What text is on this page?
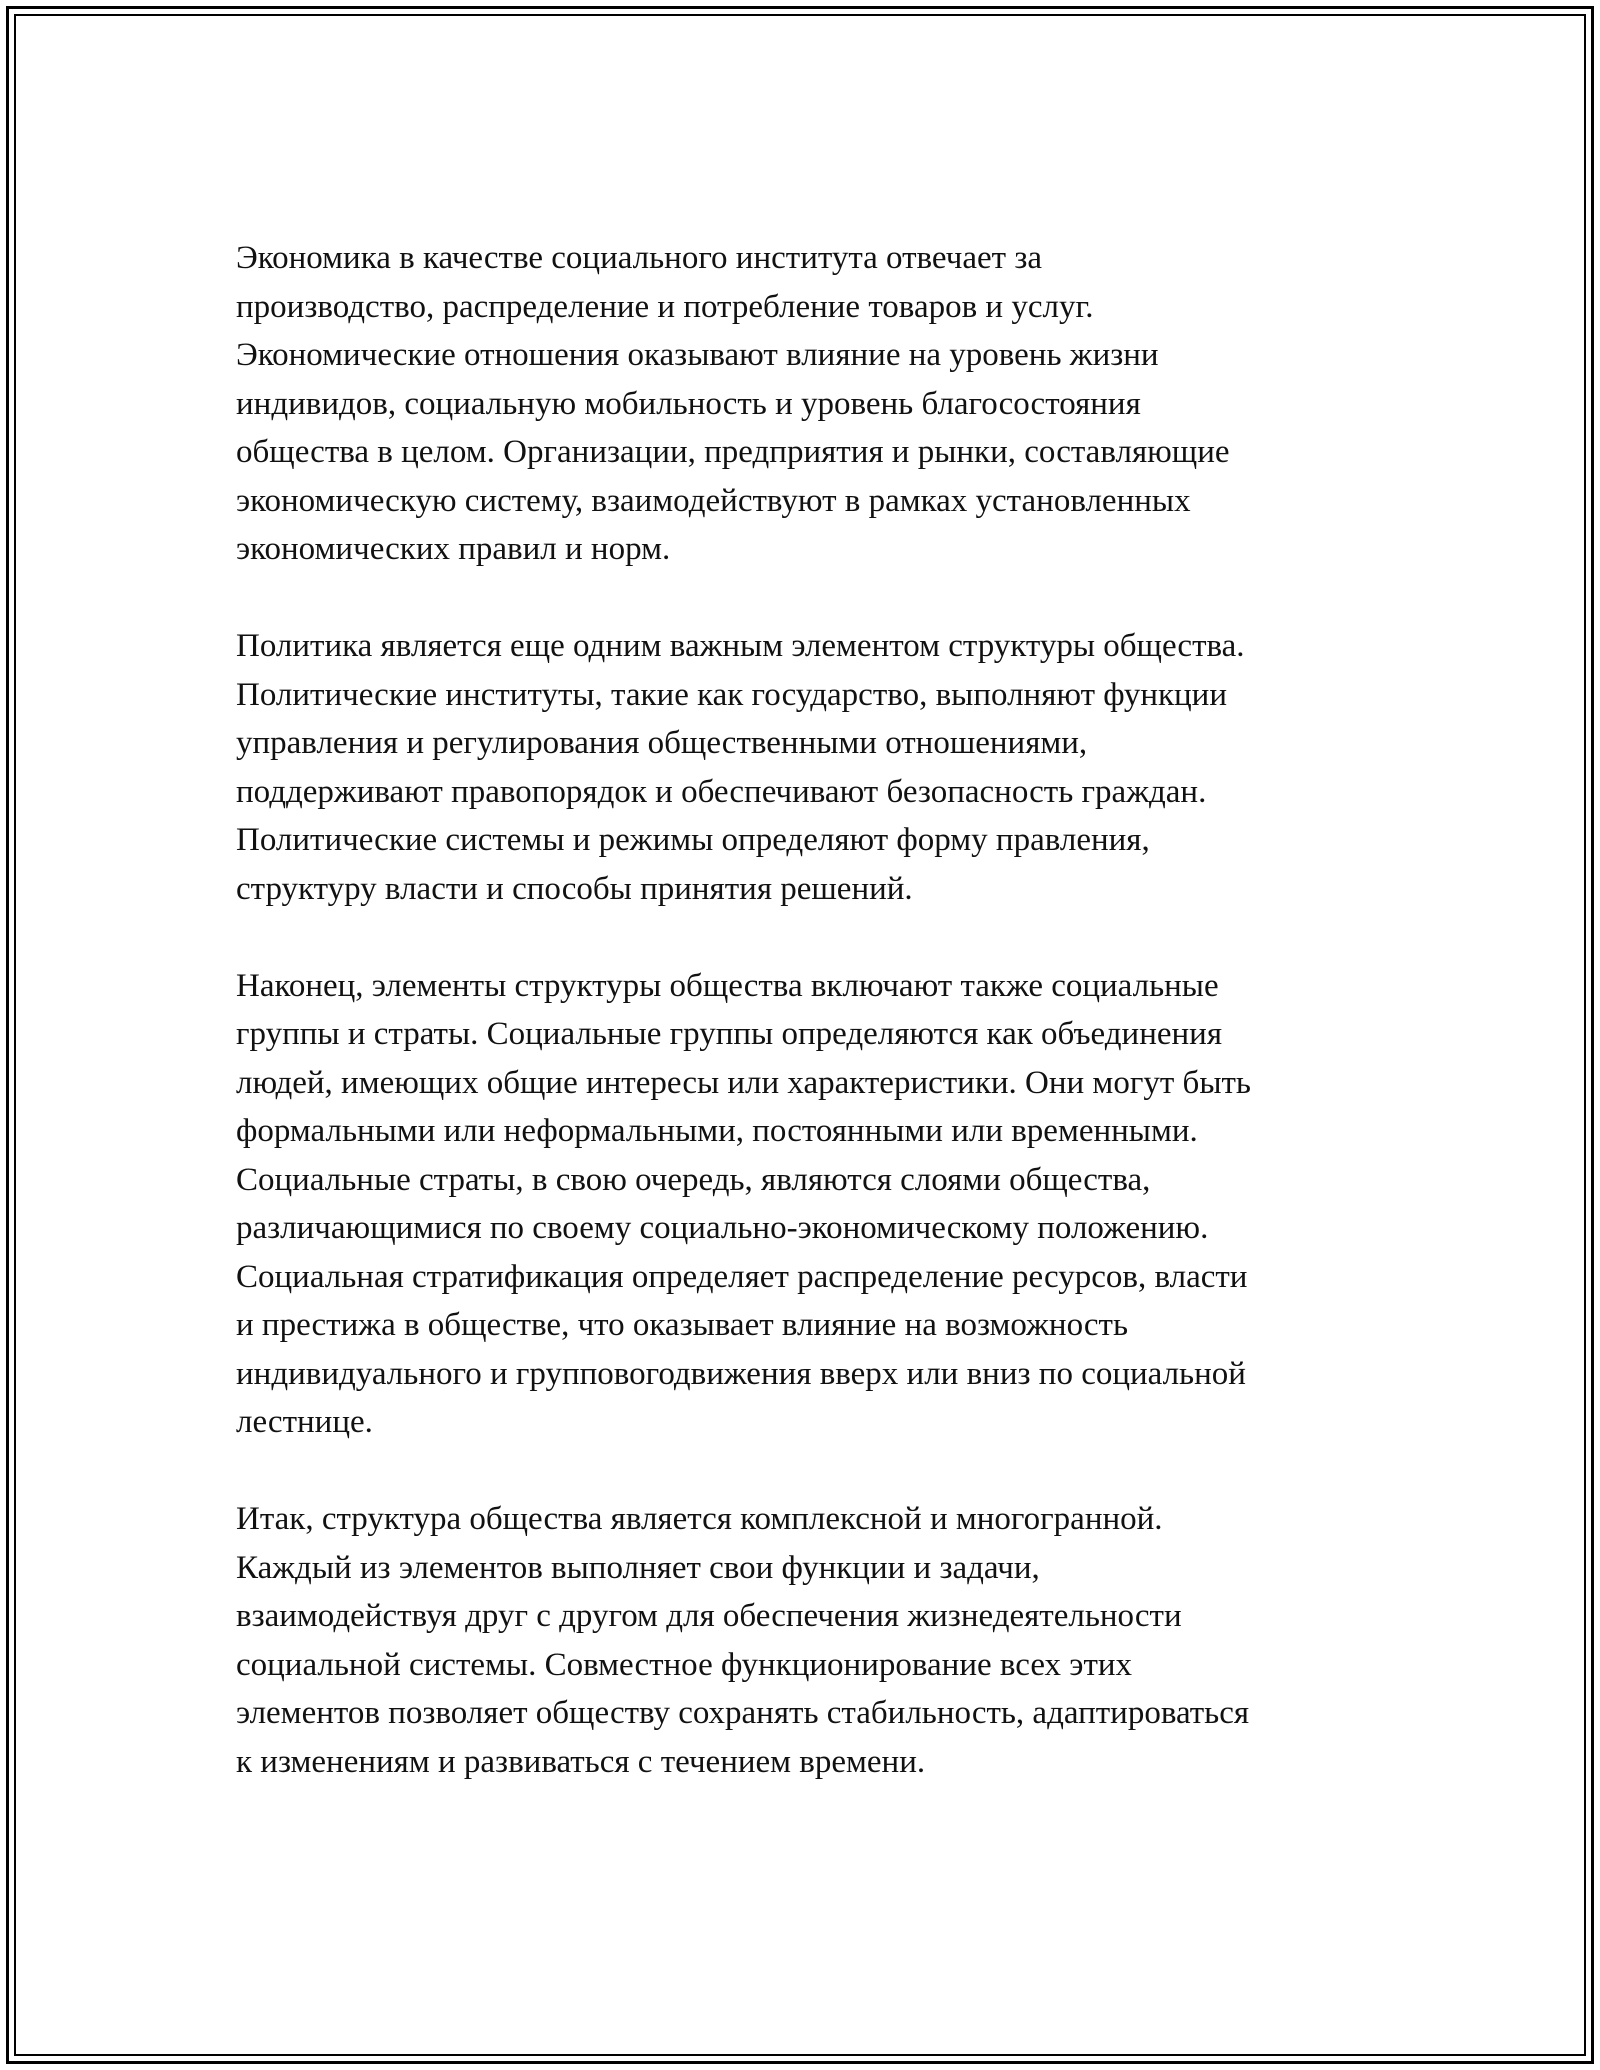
Экономика в качестве социального института отвечает за
производство, распределение и потребление товаров и услуг.
Экономические отношения оказывают влияние на уровень жизни
индивидов, социальную мобильность и уровень благосостояния
общества в целом. Организации, предприятия и рынки, составляющие
экономическую систему, взаимодействуют в рамках установленных
экономических правил и норм.
Политика является еще одним важным элементом структуры общества.
Политические институты, такие как государство, выполняют функции
управления и регулирования общественными отношениями,
поддерживают правопорядок и обеспечивают безопасность граждан.
Политические системы и режимы определяют форму правления,
структуру власти и способы принятия решений.
Наконец, элементы структуры общества включают также социальные
группы и страты. Социальные группы определяются как объединения
людей, имеющих общие интересы или характеристики. Они могут быть
формальными или неформальными, постоянными или временными.
Социальные страты, в свою очередь, являются слоями общества,
различающимися по своему социально-экономическому положению.
Социальная стратификация определяет распределение ресурсов, власти
и престижа в обществе, что оказывает влияние на возможность
индивидуального и групповогодвижения вверх или вниз по социальной
лестнице.
Итак, структура общества является комплексной и многогранной.
Каждый из элементов выполняет свои функции и задачи,
взаимодействуя друг с другом для обеспечения жизнедеятельности
социальной системы. Совместное функционирование всех этих
элементов позволяет обществу сохранять стабильность, адаптироваться
к изменениям и развиваться с течением времени.
